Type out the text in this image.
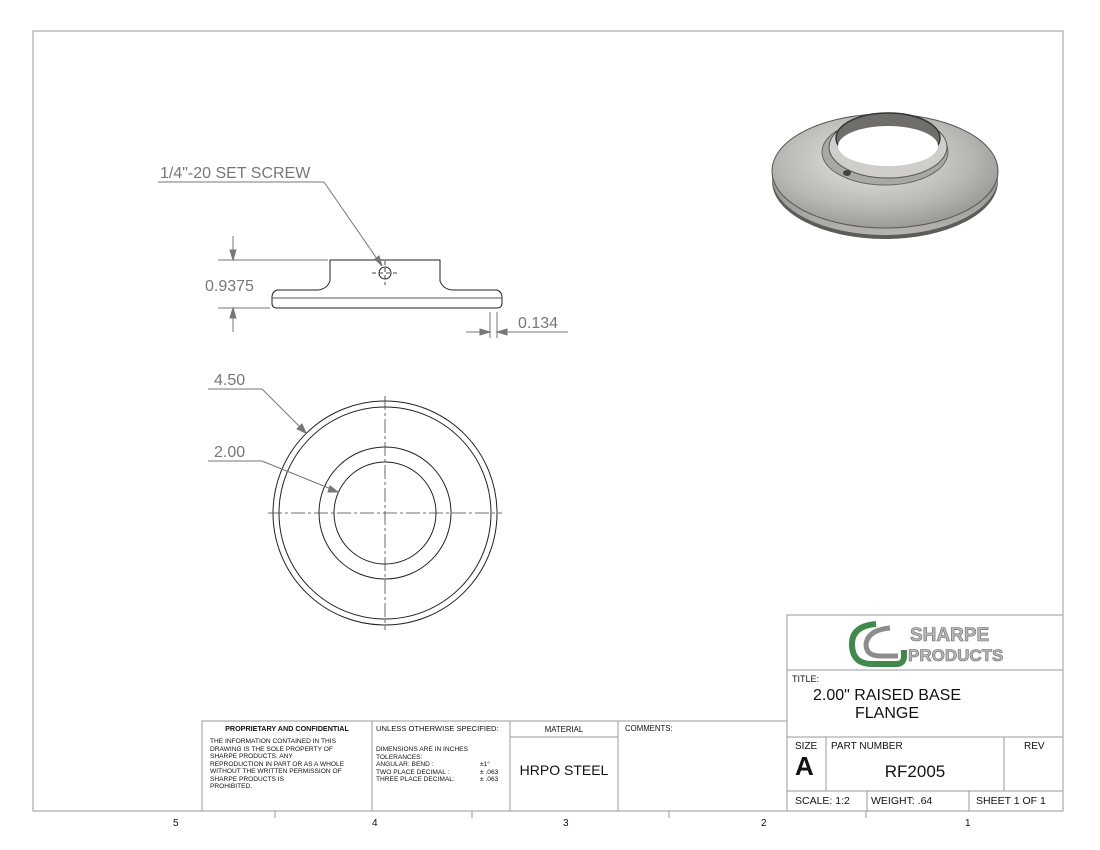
1/4"-20 SET SCREW
0.9375
0.134
4.50
2.00
SHARPE
PRODUCTS
TITLE:
2.00" RAISED BASE
FLANGE
SIZE
A
PART NUMBER
RF2005
REV
SCALE: 1:2 WEIGHT: .64	SHEET 1 OF 1
PROPRIETARY AND CONFIDENTIAL
THE INFORMATION CONTAINED IN THIS
DRAWING IS THE SOLE PROPERTY OF
SHARPE PRODUCTS. ANY
REPRODUCTION IN PART OR AS A WHOLE
WITHOUT THE WRITTEN PERMISSION OF
SHARPE PRODUCTS IS
PROHIBITED.
UNLESS OTHERWISE SPECIFIED:
DIMENSIONS ARE IN INCHES
TOLERANCES:
ANGULAR: BEND :	±1°
TWO PLACE DECIMAL :	± .063
THREE PLACE DECIMAL:	± .063
MATERIAL
HRPO STEEL
COMMENTS:
5	4	3	2	1
